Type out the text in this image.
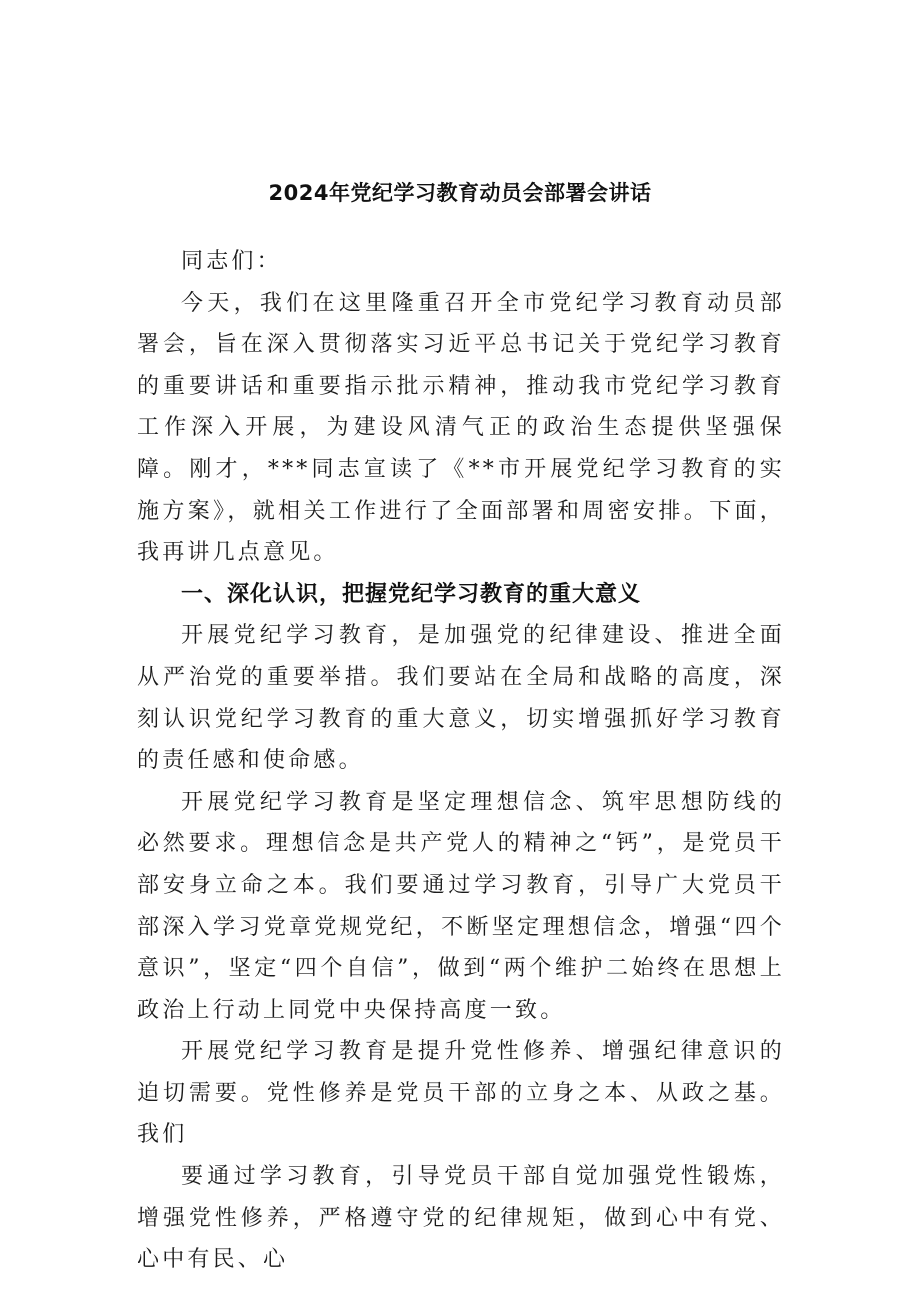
2024年党纪学习教育动员会部署会讲话

同志们：

今天，我们在这里隆重召开全市党纪学习教育动员部署会，旨在深入贯彻落实习近平总书记关于党纪学习教育的重要讲话和重要指示批示精神，推动我市党纪学习教育工作深入开展，为建设风清气正的政治生态提供坚强保障。刚才，***同志宣读了《**市开展党纪学习教育的实施方案》，就相关工作进行了全面部署和周密安排。下面，我再讲几点意见。

一、深化认识，把握党纪学习教育的重大意义

开展党纪学习教育，是加强党的纪律建设、推进全面从严治党的重要举措。我们要站在全局和战略的高度，深刻认识党纪学习教育的重大意义，切实增强抓好学习教育的责任感和使命感。

开展党纪学习教育是坚定理想信念、筑牢思想防线的必然要求。理想信念是共产党人的精神之“钙”，是党员干部安身立命之本。我们要通过学习教育，引导广大党员干部深入学习党章党规党纪，不断坚定理想信念，增强“四个意识”，坚定“四个自信”，做到“两个维护二始终在思想上政治上行动上同党中央保持高度一致。

开展党纪学习教育是提升党性修养、增强纪律意识的迫切需要。党性修养是党员干部的立身之本、从政之基。我们

要通过学习教育，引导党员干部自觉加强党性锻炼，增强党性修养，严格遵守党的纪律规矩，做到心中有党、心中有民、心
